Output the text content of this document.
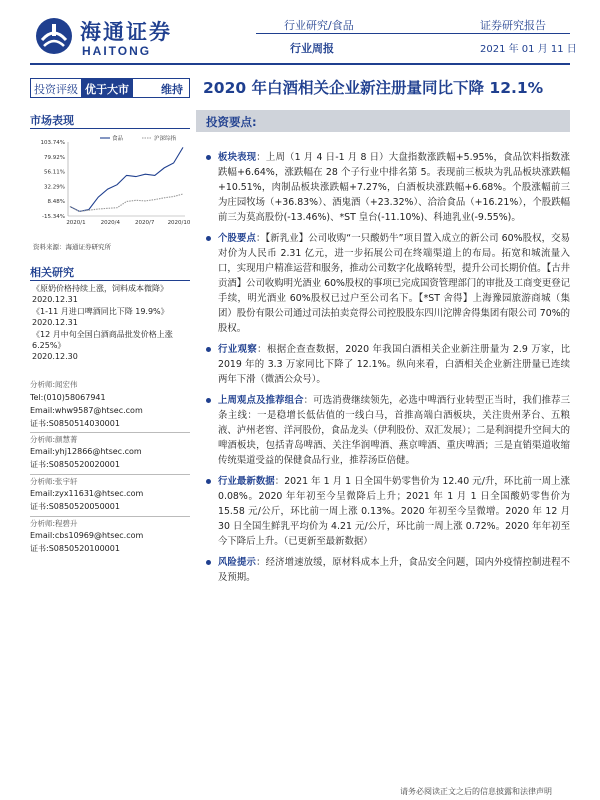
海通证券
HAITONG
行业研究/食品
行业周报
证券研究报告
2021 年 01 月 11 日
投资评级 优于大市	维持	2020 年白酒相关企业新注册量同比下降 12.1%
市场表现
103.74%
79.92%
56.11%
32.29%
8.48%
-15.34%
2020/1	2020/4	2020/7 2020/10
食品	沪深综指
资料来源：海通证券研究所
相关研究
《原奶价格持续上涨，饲料成本微降》
2020.12.31
《1-11 月进口啤酒同比下降 19.9%》
2020.12.31
《12 月中旬全国白酒商品批发价格上涨 6.25%》
2020.12.30
分析师:闻宏伟
Tel:(010)58067941
Email:whw9587@htsec.com
证书:S0850514030001
分析师:颜慧菁
Email:yhj12866@htsec.com
证书:S0850520020001
分析师:张宇轩
Email:zyx11631@htsec.com
证书:S0850520050001
分析师:程碧升
Email:cbs10969@htsec.com
证书:S0850520100001
投资要点:
板块表现：上周（1 月 4 日-1 月 8 日）大盘指数涨跌幅+5.95%，食品饮料指数涨跌幅+6.64%，涨跌幅在 28 个子行业中排名第 5。表现前三板块为乳品板块涨跌幅+10.51%，肉制品板块涨跌幅+7.27%，白酒板块涨跌幅+6.68%。个股涨幅前三为庄园牧场（+36.83%）、酒鬼酒（+23.32%）、洽洽食品（+16.21%），个股跌幅前三为莫高股份(-13.46%)、*ST 皇台(-11.10%)、科迪乳业(-9.55%)。
个股要点：【新乳业】公司收购“一只酸奶牛”项目置入成立的新公司 60%股权，交易对价为人民币 2.31 亿元，进一步拓展公司在终端渠道上的布局。拓宽和城流量入口，实现用户精准运营和服务，推动公司数字化战略转型，提升公司长期价值。【古井贡酒】公司收购明光酒业 60%股权的事项已完成国资管理部门的审批及工商变更登记手续，明光酒业 60%股权已过户至公司名下。【*ST 舍得】上海豫园旅游商城（集团）股份有限公司通过司法拍卖竞得公司控股股东四川沱牌舍得集团有限公司 70%的股权。
行业观察：根据企查查数据，2020 年我国白酒相关企业新注册量为 2.9 万家，比 2019 年的 3.3 万家同比下降了 12.1%。纵向来看，白酒相关企业新注册量已连续两年下滑（微酒公众号）。
上周观点及推荐组合：可选消费继续领先，必选中啤酒行业转型正当时，我们推荐三条主线：一是稳增长低估值的一线白马，首推高端白酒板块，关注贵州茅台、五粮液、泸州老窖、洋河股份，食品龙头（伊利股份、双汇发展）；二是利润提升空间大的啤酒板块，包括青岛啤酒、关注华润啤酒、燕京啤酒、重庆啤酒；三是直销渠道收缩传统渠道受益的保健食品行业，推荐汤臣倍健。
行业最新数据：2021 年 1 月 1 日全国牛奶零售价为 12.40 元/升，环比前一周上涨 0.08%。2020 年年初至今呈微降后上升；2021 年 1 月 1 日全国酸奶零售价为 15.58 元/公斤，环比前一周上涨 0.13%。2020 年初至今呈微增。2020 年 12 月 30 日全国生鲜乳平均价为 4.21 元/公斤，环比前一周上涨 0.72%。2020 年年初至今下降后上升。（已更新至最新数据）
风险提示：经济增速放缓，原材料成本上升，食品安全问题，国内外疫情控制进程不及预期。
请务必阅读正文之后的信息披露和法律声明
